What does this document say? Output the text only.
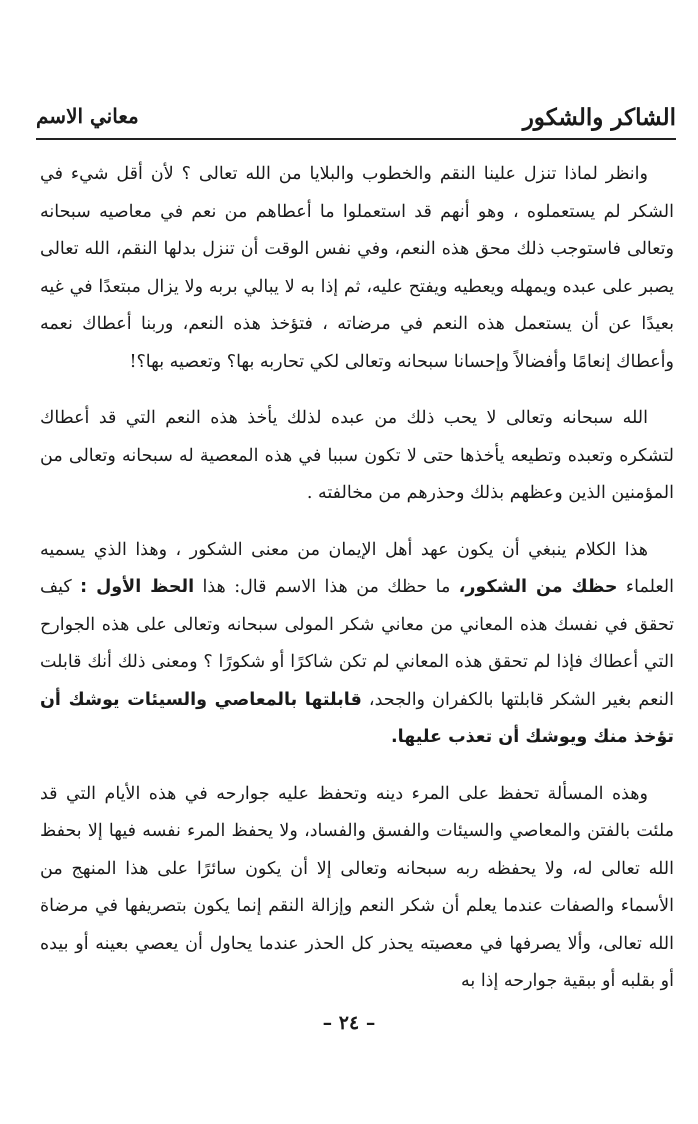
الشاكر والشكور
معاني الاسم

وانظر لماذا تنزل علينا النقم والخطوب والبلايا من الله تعالى ؟ لأن أقل شيء في الشكر لم يستعملوه ، وهو أنهم قد استعملوا ما أعطاهم من نعم في معاصيه سبحانه وتعالى فاستوجب ذلك محق هذه النعم، وفي نفس الوقت أن تنزل بدلها النقم، الله تعالى يصبر على عبده ويمهله ويعطيه ويفتح عليه، ثم إذا به لا يبالي بربه ولا يزال مبتعدًا في غيه بعيدًا عن أن يستعمل هذه النعم في مرضاته ، فتؤخذ هذه النعم، وربنا أعطاك نعمه وأعطاك إنعامًا وأفضالاً وإحسانا سبحانه وتعالى لكي تحاربه بها؟ وتعصيه بها؟!

الله سبحانه وتعالى لا يحب ذلك من عبده لذلك يأخذ هذه النعم التي قد أعطاك لتشكره وتعبده وتطيعه يأخذها حتى لا تكون سببا في هذه المعصية له سبحانه وتعالى من المؤمنين الذين وعظهم بذلك وحذرهم من مخالفته .

هذا الكلام ينبغي أن يكون عهد أهل الإيمان من معنى الشكور ، وهذا الذي يسميه العلماء حظك من الشكور، ما حظك من هذا الاسم قال: هذا الحظ الأول : كيف تحقق في نفسك هذه المعاني من معاني شكر المولى سبحانه وتعالى على هذه الجوارح التي أعطاك فإذا لم تحقق هذه المعاني لم تكن شاكرًا أو شكورًا ؟ ومعنى ذلك أنك قابلت النعم بغير الشكر قابلتها بالكفران والجحد، قابلتها بالمعاصي والسيئات يوشك أن تؤخذ منك ويوشك أن تعذب عليها.

وهذه المسألة تحفظ على المرء دينه وتحفظ عليه جوارحه في هذه الأيام التي قد ملئت بالفتن والمعاصي والسيئات والفسق والفساد، ولا يحفظ المرء نفسه فيها إلا بحفظ الله تعالى له، ولا يحفظه ربه سبحانه وتعالى إلا أن يكون سائرًا على هذا المنهج من الأسماء والصفات عندما يعلم أن شكر النعم وإزالة النقم إنما يكون بتصريفها في مرضاة الله تعالى، وألا يصرفها في معصيته يحذر كل الحذر عندما يحاول أن يعصي بعينه أو بيده أو بقلبه أو ببقية جوارحه إذا به

– ٢٤ –
